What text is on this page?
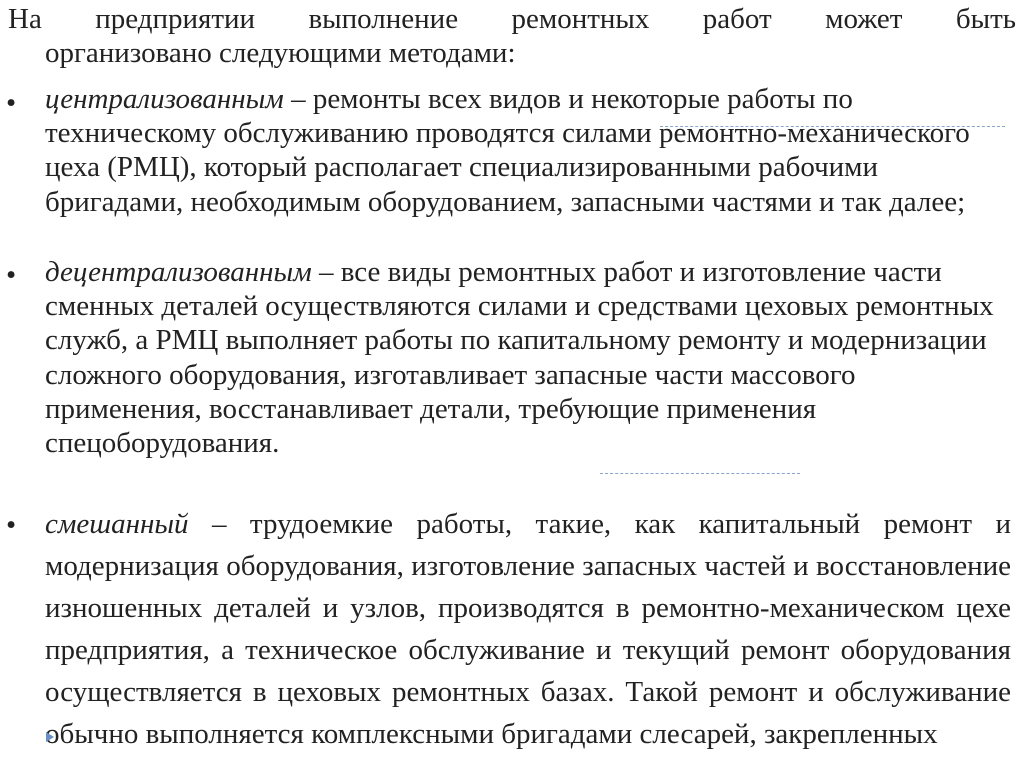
На предприятии выполнение ремонтных работ может быть
организовано следующими методами:

• централизованным – ремонты всех видов и некоторые работы по техническому обслуживанию проводятся силами ремонтно-механического цеха (РМЦ), который располагает специализированными рабочими бригадами, необходимым оборудованием, запасными частями и так далее;

• децентрализованным – все виды ремонтных работ и изготовление части сменных деталей осуществляются силами и средствами цеховых ремонтных служб, а РМЦ выполняет работы по капитальному ремонту и модернизации сложного оборудования, изготавливает запасные части массового применения, восстанавливает детали, требующие применения спецоборудования.

• смешанный – трудоемкие работы, такие, как капитальный ремонт и модернизация оборудования, изготовление запасных частей и восстановление изношенных деталей и узлов, производятся в ремонтно-механическом цехе предприятия, а техническое обслуживание и текущий ремонт оборудования осуществляется в цеховых ремонтных базах. Такой ремонт и обслуживание обычно выполняется комплексными бригадами слесарей, закрепленных
